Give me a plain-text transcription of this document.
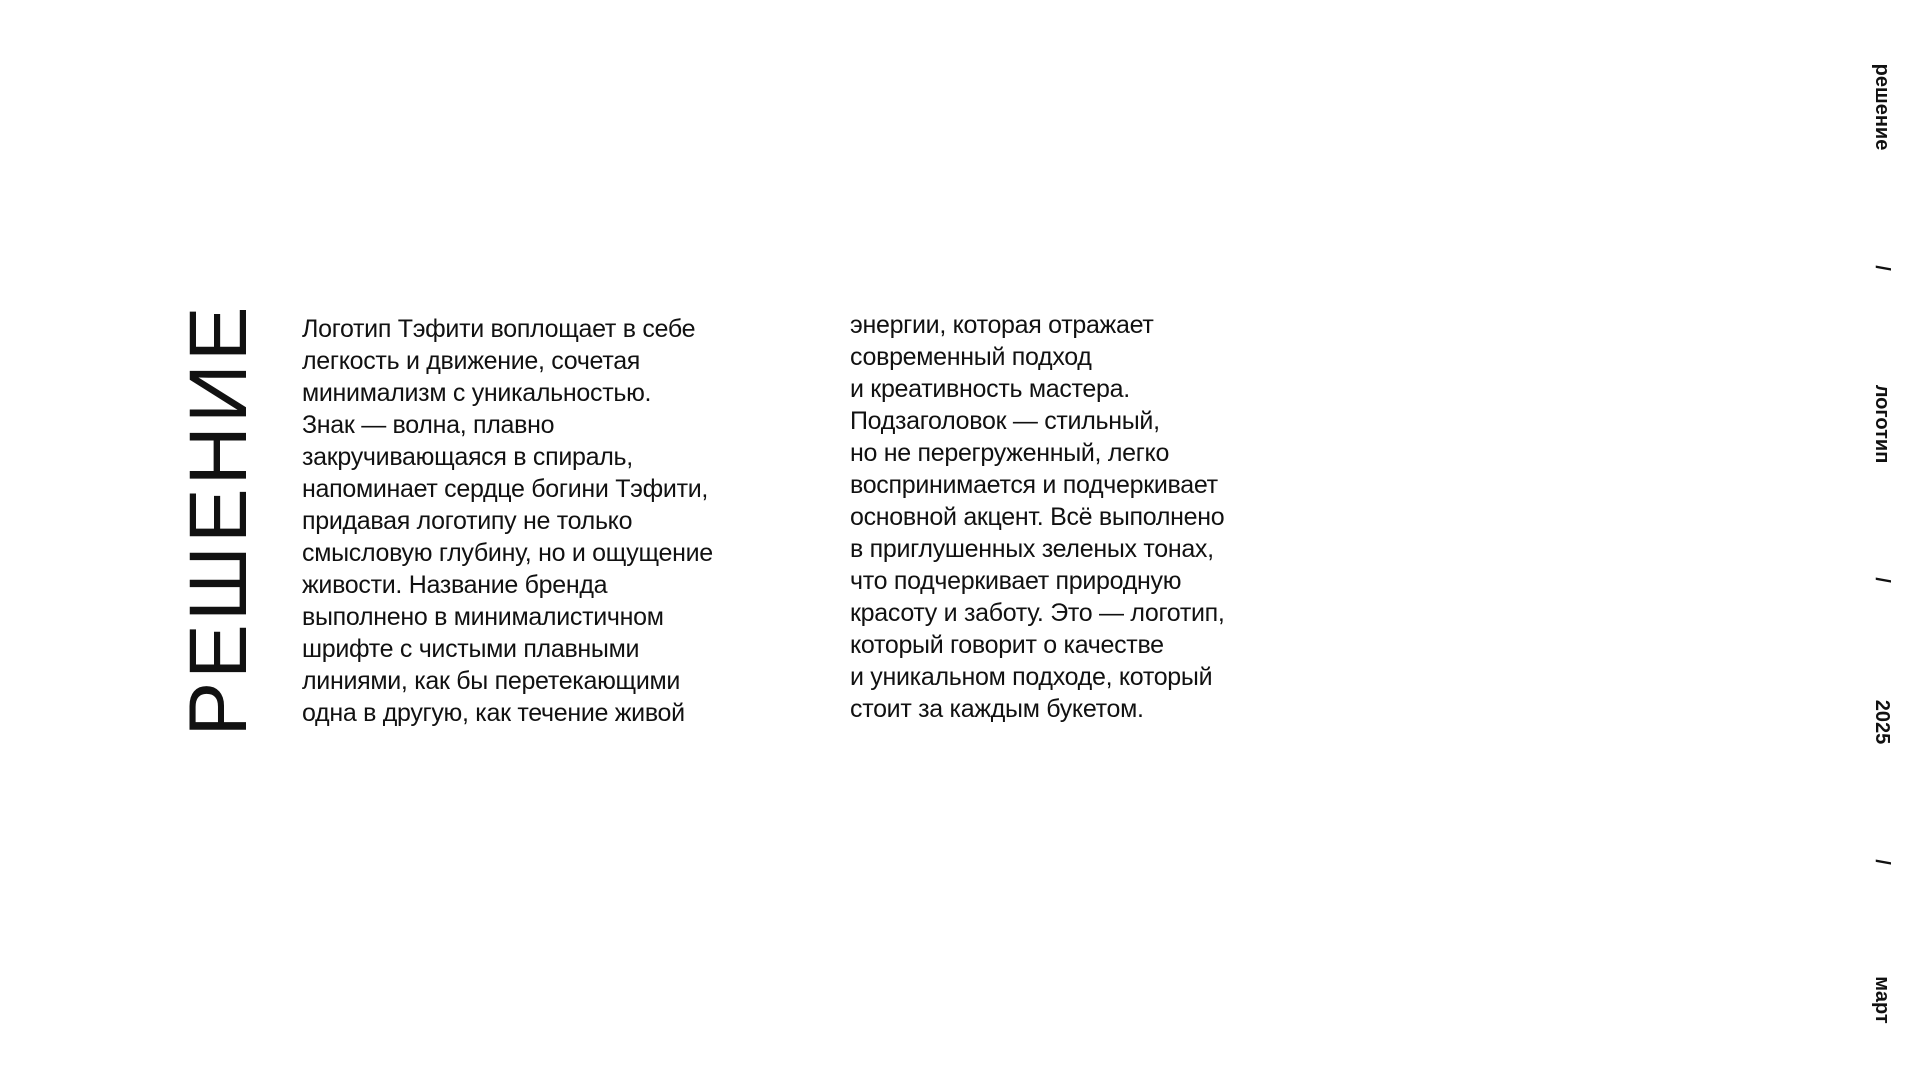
РЕШЕНИЕ Логотип Тэфити воплощает в себе
легкость и движение, сочетая
минимализм с уникальностью.
Знак — волна, плавно
закручивающаяся в спираль,
напоминает сердце богини Тэфити,
придавая логотипу не только
смысловую глубину, но и ощущение
живости. Название бренда
выполнено в минималистичном
шрифте с чистыми плавными
линиями, как бы перетекающими
одна в другую, как течение живой
энергии, которая отражает
современный подход
и креативность мастера.
Подзаголовок — стильный,
но не перегруженный, легко
воспринимается и подчеркивает
основной акцент. Всё выполнено
в приглушенных зеленых тонах,
что подчеркивает природную
красоту и заботу. Это — логотип,
который говорит о качестве
и уникальном подходе, который
стоит за каждым букетом.
решение
/
логотип
/
2025
/
март
